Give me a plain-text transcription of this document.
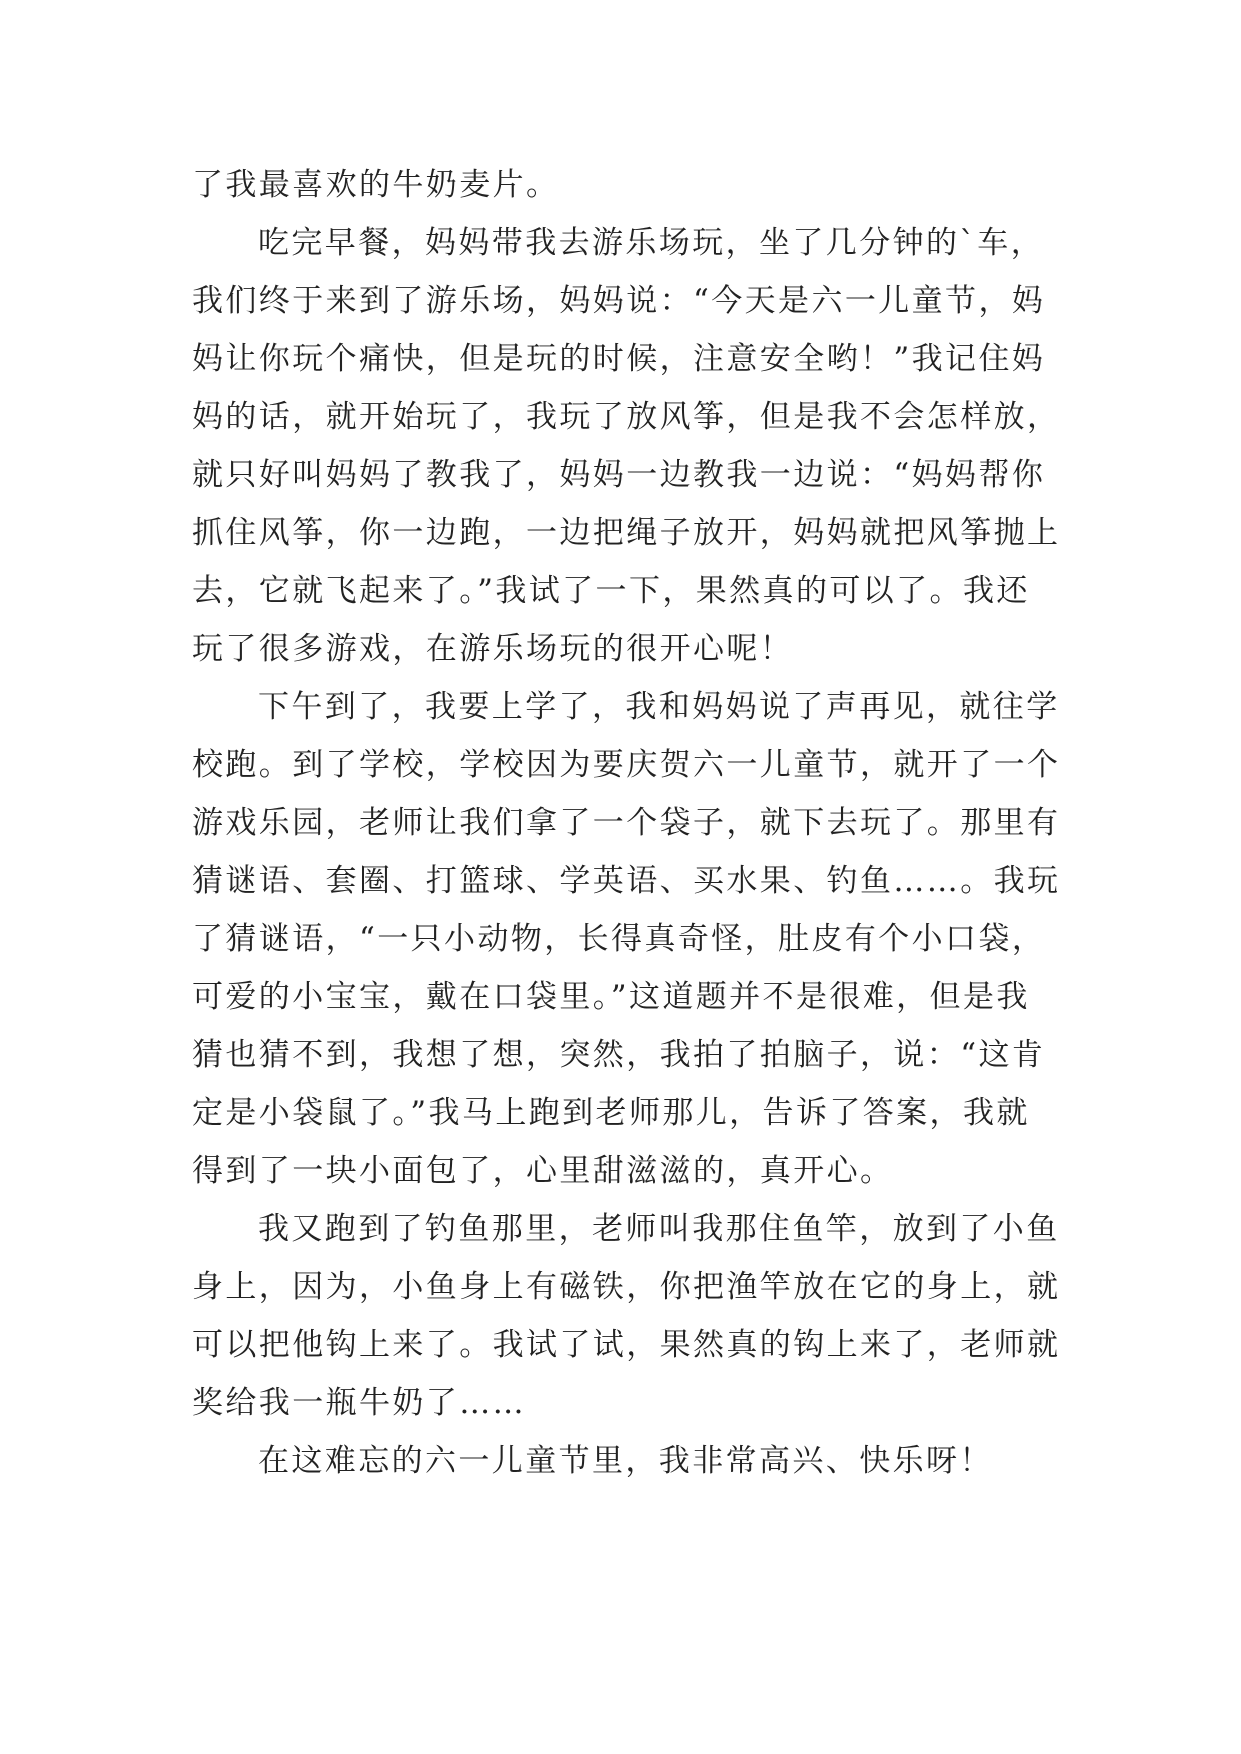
了我最喜欢的牛奶麦片。
吃完早餐，妈妈带我去游乐场玩，坐了几分钟的`车，
我们终于来到了游乐场，妈妈说：“今天是六一儿童节，妈
妈让你玩个痛快，但是玩的时候，注意安全哟！”我记住妈
妈的话，就开始玩了，我玩了放风筝，但是我不会怎样放，
就只好叫妈妈了教我了，妈妈一边教我一边说：“妈妈帮你
抓住风筝，你一边跑，一边把绳子放开，妈妈就把风筝抛上
去，它就飞起来了。”我试了一下，果然真的可以了。我还
玩了很多游戏，在游乐场玩的很开心呢！
下午到了，我要上学了，我和妈妈说了声再见，就往学
校跑。到了学校，学校因为要庆贺六一儿童节，就开了一个
游戏乐园，老师让我们拿了一个袋子，就下去玩了。那里有
猜谜语、套圈、打篮球、学英语、买水果、钓鱼……。我玩
了猜谜语，“一只小动物，长得真奇怪，肚皮有个小口袋，
可爱的小宝宝，戴在口袋里。”这道题并不是很难，但是我
猜也猜不到，我想了想，突然，我拍了拍脑子，说：“这肯
定是小袋鼠了。”我马上跑到老师那儿，告诉了答案，我就
得到了一块小面包了，心里甜滋滋的，真开心。
我又跑到了钓鱼那里，老师叫我那住鱼竿，放到了小鱼
身上，因为，小鱼身上有磁铁，你把渔竿放在它的身上，就
可以把他钩上来了。我试了试，果然真的钩上来了，老师就
奖给我一瓶牛奶了……
在这难忘的六一儿童节里，我非常高兴、快乐呀！
